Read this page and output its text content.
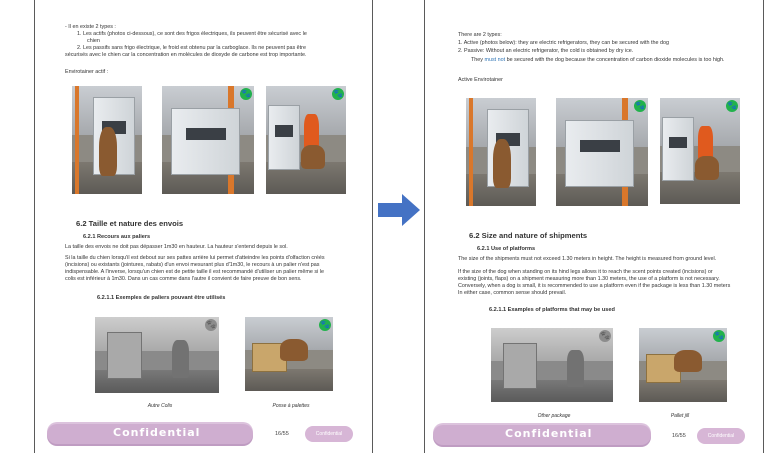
- Il en existe 2 types :
1. Les actifs (photos ci-dessous), ce sont des frigos électriques, ils peuvent être sécurisé avec le
chien
2. Les passifs sans frigo électrique, le froid est obtenu par la carboglace. Ils ne peuvent pas être
sécurisés avec le chien car la concentration en molécules de dioxyde de carbone est trop importante.
Envirotainer actif :
🐾	🐾
6.2 Taille et nature des envois
6.2.1 Recours aux paliers
La taille des envois ne doit pas dépasser 1m30 en hauteur. La hauteur s'entend depuis le sol.
Si la taille du chien lorsqu'il est debout sur ses pattes arrière lui permet d'atteindre les points d'olfaction créés
(incisions) ou existants (jointures, rabats) d'un envoi mesurant plus d'1m30, le recours à un palier n'est pas
indispensable. A l'inverse, lorsqu'un chien est de petite taille il est recommandé d'utiliser un palier même si le
colis est inférieur à 1m30. Dans un cas comme dans l'autre il convient de faire preuve de bon sens.
6.2.1.1 Exemples de paliers pouvant être utilisés
🐾	🐾
Autre Colis	Posse à palettes
Confidential	16/55	Confidential
There are 2 types:
1. Active (photos below): they are electric refrigerators, they can be secured with the dog
2. Passive: Without an electric refrigerator, the cold is obtained by dry ice.
They must not be secured with the dog because the concentration of carbon dioxide molecules is too high.
Active Envirotainer
🐾	🐾
6.2 Size and nature of shipments
6.2.1 Use of platforms
The size of the shipments must not exceed 1.30 meters in height. The height is measured from ground level.
If the size of the dog when standing on its hind legs allows it to reach the scent points created (incisions) or
existing (joints, flaps) on a shipment measuring more than 1.30 meters, the use of a platform is not necessary.
Conversely, when a dog is small, it is recommended to use a platform even if the package is less than 1.30 meters
In either case, common sense should prevail.
6.2.1.1 Examples of platforms that may be used
🐾	🐾
Other package	Pallet jill
Confidential	16/55	Confidential
